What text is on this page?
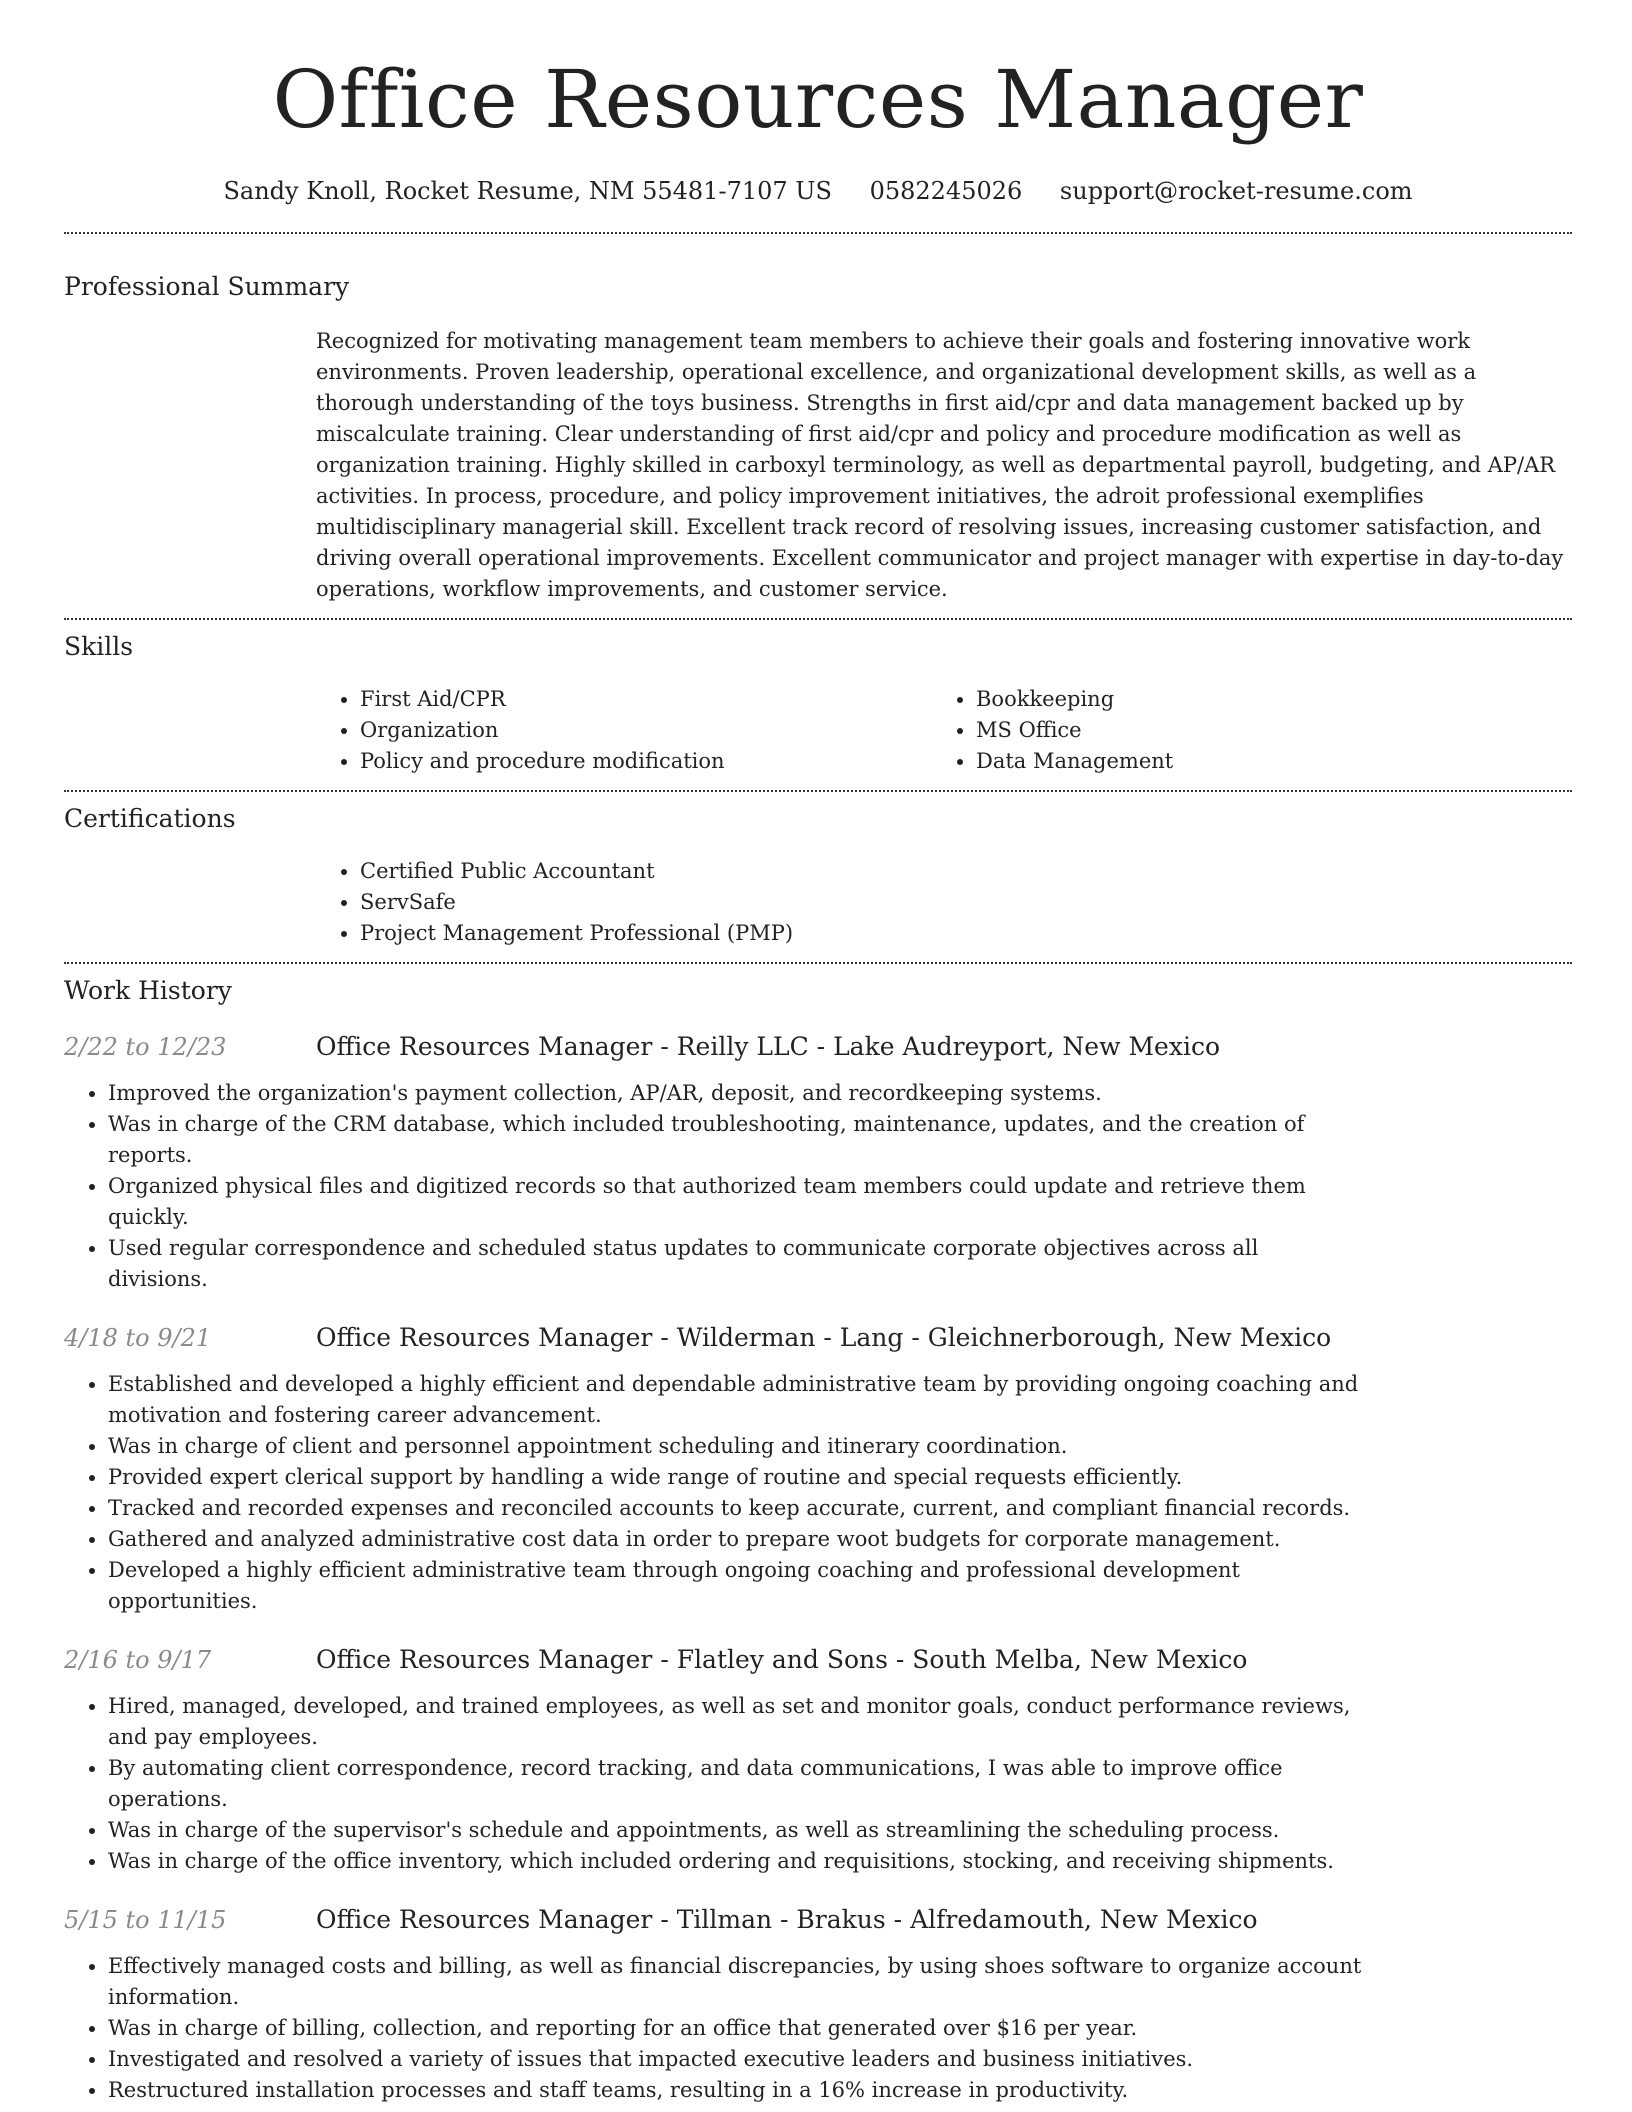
Office Resources Manager
Sandy Knoll, Rocket Resume, NM 55481-7107 US 0582245026 support@rocket-resume.com
Professional Summary

Recognized for motivating management team members to achieve their goals and fostering innovative work environments. Proven leadership, operational excellence, and organizational development skills, as well as a thorough understanding of the toys business. Strengths in first aid/cpr and data management backed up by miscalculate training. Clear understanding of first aid/cpr and policy and procedure modification as well as organization training. Highly skilled in carboxyl terminology, as well as departmental payroll, budgeting, and AP/AR activities. In process, procedure, and policy improvement initiatives, the adroit professional exemplifies multidisciplinary managerial skill. Excellent track record of resolving issues, increasing customer satisfaction, and driving overall operational improvements. Excellent communicator and project manager with expertise in day-to-day operations, workflow improvements, and customer service.

Skills
• First Aid/CPR
• Organization
• Policy and procedure modification
• Bookkeeping
• MS Office
• Data Management
Certifications
• Certified Public Accountant
• ServSafe
• Project Management Professional (PMP)
Work History
2/22 to 12/23	Office Resources Manager - Reilly LLC - Lake Audreyport, New Mexico
• Improved the organization's payment collection, AP/AR, deposit, and recordkeeping systems.
• Was in charge of the CRM database, which included troubleshooting, maintenance, updates, and the creation of reports.
• Organized physical files and digitized records so that authorized team members could update and retrieve them quickly.
• Used regular correspondence and scheduled status updates to communicate corporate objectives across all divisions.
4/18 to 9/21	Office Resources Manager - Wilderman - Lang - Gleichnerborough, New Mexico
• Established and developed a highly efficient and dependable administrative team by providing ongoing coaching and motivation and fostering career advancement.
• Was in charge of client and personnel appointment scheduling and itinerary coordination.
• Provided expert clerical support by handling a wide range of routine and special requests efficiently.
• Tracked and recorded expenses and reconciled accounts to keep accurate, current, and compliant financial records.
• Gathered and analyzed administrative cost data in order to prepare woot budgets for corporate management.
• Developed a highly efficient administrative team through ongoing coaching and professional development opportunities.
2/16 to 9/17	Office Resources Manager - Flatley and Sons - South Melba, New Mexico
• Hired, managed, developed, and trained employees, as well as set and monitor goals, conduct performance reviews, and pay employees.
• By automating client correspondence, record tracking, and data communications, I was able to improve office operations.
• Was in charge of the supervisor's schedule and appointments, as well as streamlining the scheduling process.
• Was in charge of the office inventory, which included ordering and requisitions, stocking, and receiving shipments.
5/15 to 11/15	Office Resources Manager - Tillman - Brakus - Alfredamouth, New Mexico
• Effectively managed costs and billing, as well as financial discrepancies, by using shoes software to organize account information.
• Was in charge of billing, collection, and reporting for an office that generated over $16 per year.
• Investigated and resolved a variety of issues that impacted executive leaders and business initiatives.
• Restructured installation processes and staff teams, resulting in a 16% increase in productivity.
